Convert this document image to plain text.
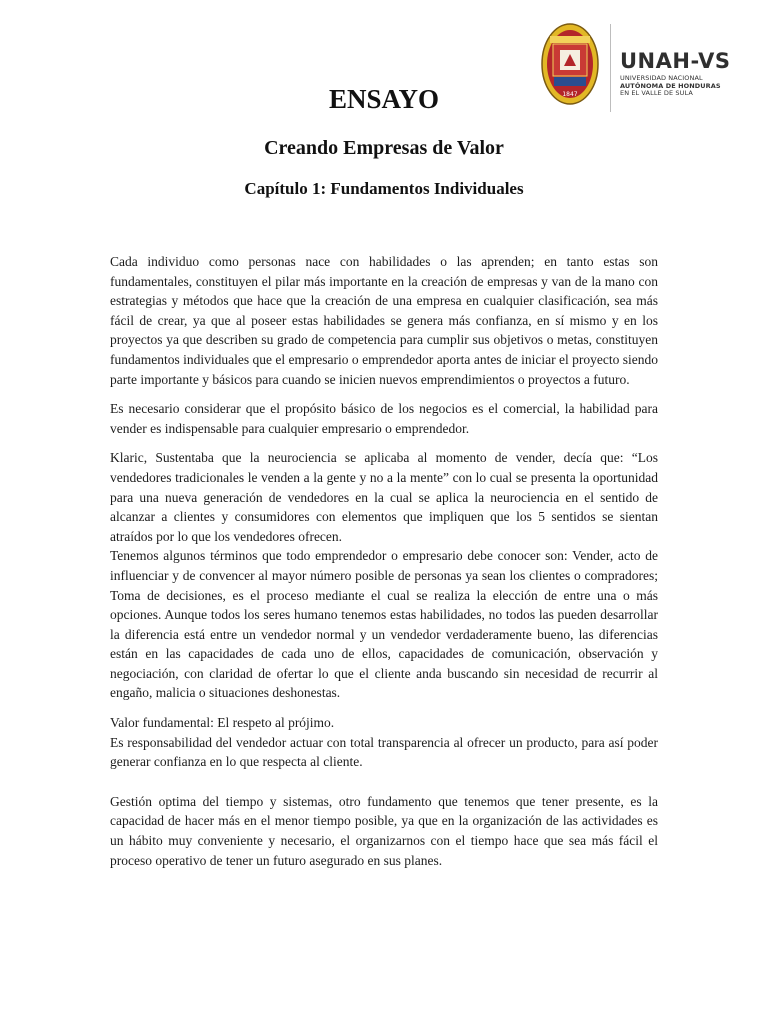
1847
UNAH-VS
UNIVERSIDAD NACIONAL
AUTÓNOMA DE HONDURAS
EN EL VALLE DE SULA
ENSAYO
Creando Empresas de Valor
Capítulo 1: Fundamentos Individuales

Cada individuo como personas nace con habilidades o las aprenden; en tanto estas son fundamentales, constituyen el pilar más importante en la creación de empresas y van de la mano con estrategias y métodos que hace que la creación de una empresa en cualquier clasificación, sea más fácil de crear, ya que al poseer estas habilidades se genera más confianza, en sí mismo y en los proyectos ya que describen su grado de competencia para cumplir sus objetivos o metas, constituyen fundamentos individuales que el empresario o emprendedor aporta antes de iniciar el proyecto siendo parte importante y básicos para cuando se inicien nuevos emprendimientos o proyectos a futuro.

Es necesario considerar que el propósito básico de los negocios es el comercial, la habilidad para vender es indispensable para cualquier empresario o emprendedor.

Klaric, Sustentaba que la neurociencia se aplicaba al momento de vender, decía que: “Los vendedores tradicionales le venden a la gente y no a la mente” con lo cual se presenta la oportunidad para una nueva generación de vendedores en la cual se aplica la neurociencia en el sentido de alcanzar a clientes y consumidores con elementos que impliquen que los 5 sentidos se sientan atraídos por lo que los vendedores ofrecen.

Tenemos algunos términos que todo emprendedor o empresario debe conocer son: Vender, acto de influenciar y de convencer al mayor número posible de personas ya sean los clientes o compradores; Toma de decisiones, es el proceso mediante el cual se realiza la elección de entre una o más opciones. Aunque todos los seres humano tenemos estas habilidades, no todos las pueden desarrollar la diferencia está entre un vendedor normal y un vendedor verdaderamente bueno, las diferencias están en las capacidades de cada uno de ellos, capacidades de comunicación, observación y negociación, con claridad de ofertar lo que el cliente anda buscando sin necesidad de recurrir al engaño, malicia o situaciones deshonestas.

Valor fundamental: El respeto al prójimo.

Es responsabilidad del vendedor actuar con total transparencia al ofrecer un producto, para así poder generar confianza en lo que respecta al cliente.

Gestión optima del tiempo y sistemas, otro fundamento que tenemos que tener presente, es la capacidad de hacer más en el menor tiempo posible, ya que en la organización de las actividades es un hábito muy conveniente y necesario, el organizarnos con el tiempo hace que sea más fácil el proceso operativo de tener un futuro asegurado en sus planes.
